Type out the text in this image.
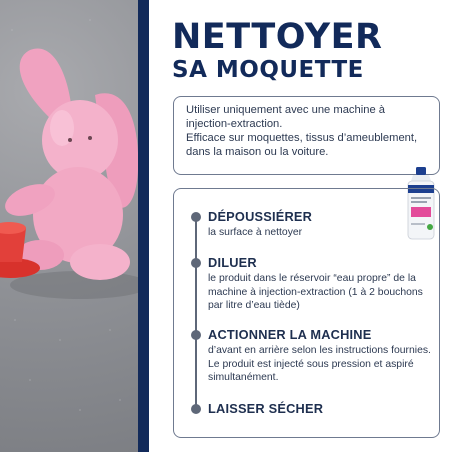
NETTOYER
SA MOQUETTE

Utiliser uniquement avec une machine à injection-extraction.

Efficace sur moquettes, tissus d’ameublement, dans la maison ou la voiture.

DÉPOUSSIÉRER
la surface à nettoyer
DILUER
le produit dans le réservoir “eau propre” de la machine à injection-extraction (1 à 2 bouchons par litre d’eau tiède)
ACTIONNER LA MACHINE
d’avant en arrière selon les instructions fournies. Le produit est injecté sous pression et aspiré simultanément.
LAISSER SÉCHER
